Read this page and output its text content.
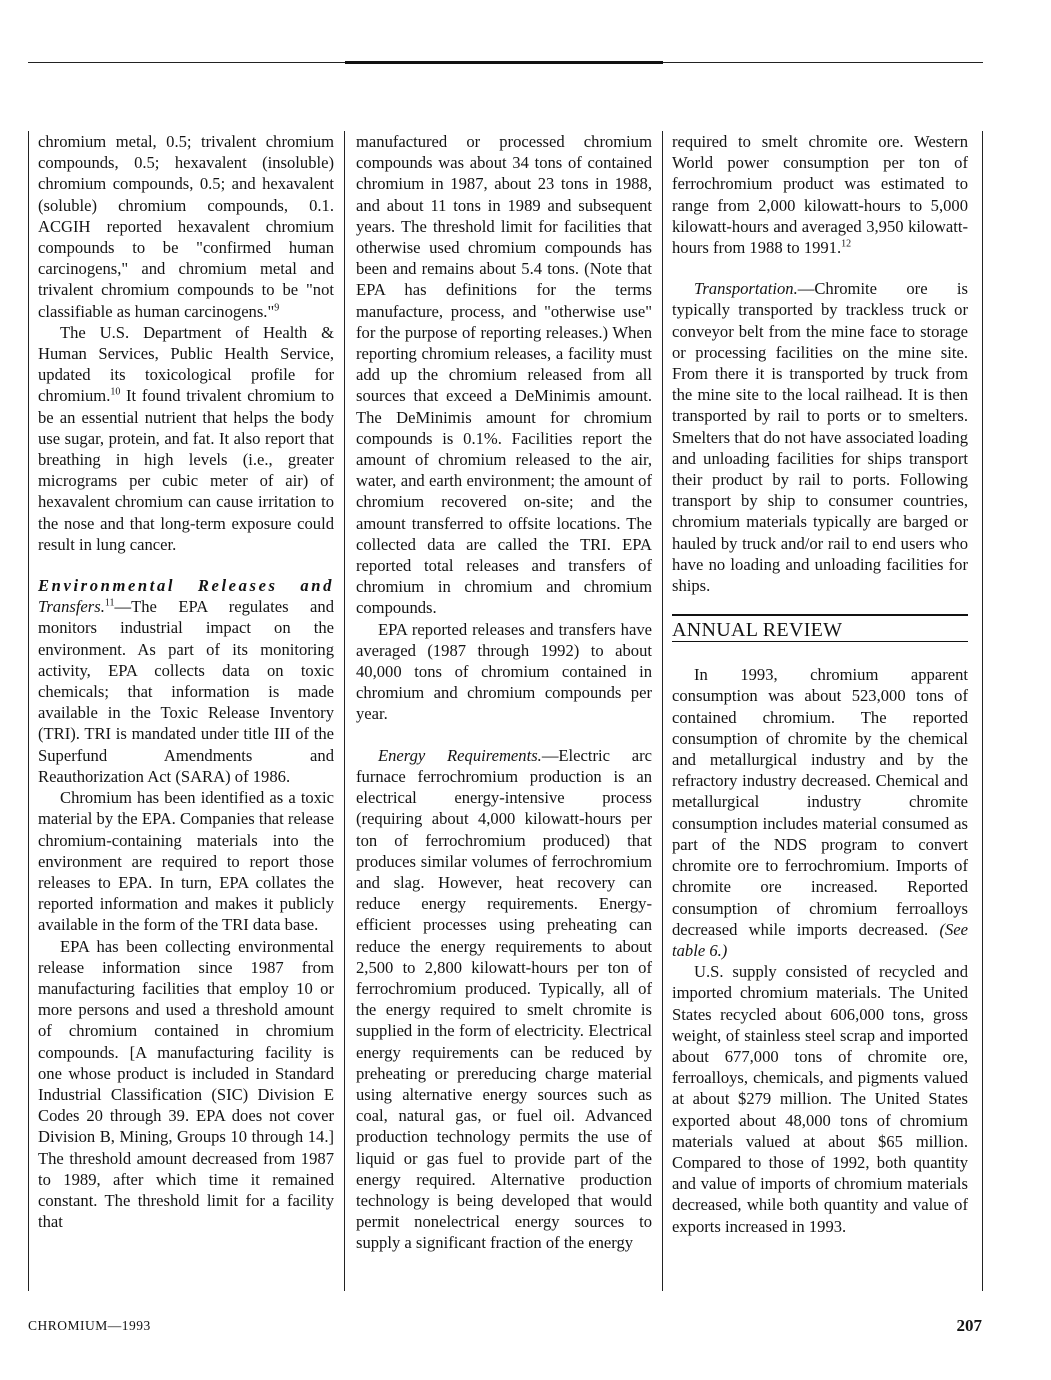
chromium metal, 0.5; trivalent chromium compounds, 0.5; hexavalent (insoluble) chromium compounds, 0.5; and hexavalent (soluble) chromium compounds, 0.1. ACGIH reported hexavalent chromium compounds to be "confirmed human carcinogens," and chromium metal and trivalent chromium compounds to be "not classifiable as human carcinogens."$^9$

The U.S. Department of Health & Human Services, Public Health Service, updated its toxicological profile for chromium.$^{10}$ It found trivalent chromium to be an essential nutrient that helps the body use sugar, protein, and fat. It also report that breathing in high levels (i.e., greater micrograms per cubic meter of air) of hexavalent chromium can cause irritation to the nose and that long-term exposure could result in lung cancer.

Environmental Releases and
Transfers.$^{11}$—The EPA regulates and monitors industrial impact on the environment. As part of its monitoring activity, EPA collects data on toxic chemicals; that information is made available in the Toxic Release Inventory (TRI). TRI is mandated under title III of the Superfund Amendments and Reauthorization Act (SARA) of 1986.

Chromium has been identified as a toxic material by the EPA. Companies that release chromium-containing materials into the environment are required to report those releases to EPA. In turn, EPA collates the reported information and makes it publicly available in the form of the TRI data base.

EPA has been collecting environmental release information since 1987 from manufacturing facilities that employ 10 or more persons and used a threshold amount of chromium contained in chromium compounds. [A manufacturing facility is one whose product is included in Standard Industrial Classification (SIC) Division E Codes 20 through 39. EPA does not cover Division B, Mining, Groups 10 through 14.] The threshold amount decreased from 1987 to 1989, after which time it remained constant. The threshold limit for a facility that

manufactured or processed chromium compounds was about 34 tons of contained chromium in 1987, about 23 tons in 1988, and about 11 tons in 1989 and subsequent years. The threshold limit for facilities that otherwise used chromium compounds has been and remains about 5.4 tons. (Note that EPA has definitions for the terms manufacture, process, and "otherwise use" for the purpose of reporting releases.) When reporting chromium releases, a facility must add up the chromium released from all sources that exceed a DeMinimis amount. The DeMinimis amount for chromium compounds is 0.1%. Facilities report the amount of chromium released to the air, water, and earth environment; the amount of chromium recovered on-site; and the amount transferred to offsite locations. The collected data are called the TRI. EPA reported total releases and transfers of chromium in chromium and chromium compounds.

EPA reported releases and transfers have averaged (1987 through 1992) to about 40,000 tons of chromium contained in chromium and chromium compounds per year.

Energy Requirements.—Electric arc furnace ferrochromium production is an electrical energy-intensive process (requiring about 4,000 kilowatt-hours per ton of ferrochromium produced) that produces similar volumes of ferrochromium and slag. However, heat recovery can reduce energy requirements. Energy-efficient processes using preheating can reduce the energy requirements to about 2,500 to 2,800 kilowatt-hours per ton of ferrochromium produced. Typically, all of the energy required to smelt chromite is supplied in the form of electricity. Electrical energy requirements can be reduced by preheating or prereducing charge material using alternative energy sources such as coal, natural gas, or fuel oil. Advanced production technology permits the use of liquid or gas fuel to provide part of the energy required. Alternative production technology is being developed that would permit nonelectrical energy sources to supply a significant fraction of the energy

required to smelt chromite ore. Western World power consumption per ton of ferrochromium product was estimated to range from 2,000 kilowatt-hours to 5,000 kilowatt-hours and averaged 3,950 kilowatt-hours from 1988 to 1991.12

Transportation.—Chromite ore is typically transported by trackless truck or conveyor belt from the mine face to storage or processing facilities on the mine site. From there it is transported by truck from the mine site to the local railhead. It is then transported by rail to ports or to smelters. Smelters that do not have associated loading and unloading facilities for ships transport their product by rail to ports. Following transport by ship to consumer countries, chromium materials typically are barged or hauled by truck and/or rail to end users who have no loading and unloading facilities for ships.

ANNUAL REVIEW

In 1993, chromium apparent consumption was about 523,000 tons of contained chromium. The reported consumption of chromite by the chemical and metallurgical industry and by the refractory industry decreased. Chemical and metallurgical industry chromite consumption includes material consumed as part of the NDS program to convert chromite ore to ferrochromium. Imports of chromite ore increased. Reported consumption of chromium ferroalloys decreased while imports decreased. (See table 6.)

U.S. supply consisted of recycled and imported chromium materials. The United States recycled about 606,000 tons, gross weight, of stainless steel scrap and imported about 677,000 tons of chromite ore, ferroalloys, chemicals, and pigments valued at about $279 million. The United States exported about 48,000 tons of chromium materials valued at about $65 million. Compared to those of 1992, both quantity and value of imports of chromium materials decreased, while both quantity and value of exports increased in 1993.

CHROMIUM—1993	207
